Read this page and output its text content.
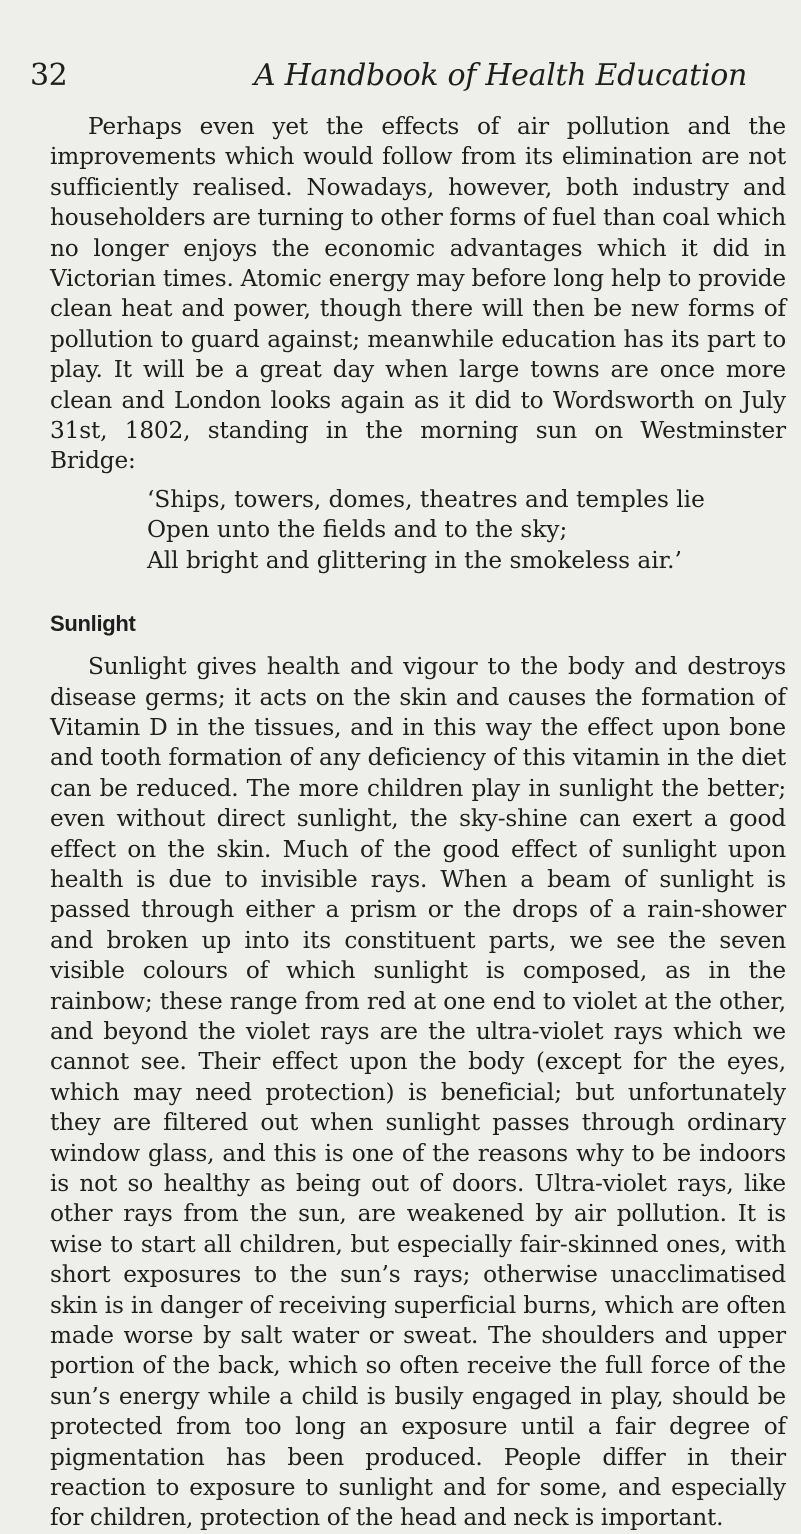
32	A Handbook of Health Education

Perhaps even yet the effects of air pollution and the improvements which would follow from its elimination are not sufficiently realised. Nowadays, however, both industry and householders are turning to other forms of fuel than coal which no longer enjoys the economic advantages which it did in Victorian times. Atomic energy may before long help to provide clean heat and power, though there will then be new forms of pollution to guard against; meanwhile education has its part to play. It will be a great day when large towns are once more clean and London looks again as it did to Wordsworth on July 31st, 1802, standing in the morning sun on Westminster Bridge:

‘Ships, towers, domes, theatres and temples lie
Open unto the fields and to the sky;
All bright and glittering in the smokeless air.’
Sunlight

Sunlight gives health and vigour to the body and destroys disease germs; it acts on the skin and causes the formation of Vitamin D in the tissues, and in this way the effect upon bone and tooth formation of any deficiency of this vitamin in the diet can be reduced. The more children play in sunlight the better; even without direct sunlight, the sky-shine can exert a good effect on the skin. Much of the good effect of sunlight upon health is due to invisible rays. When a beam of sunlight is passed through either a prism or the drops of a rain-shower and broken up into its constituent parts, we see the seven visible colours of which sunlight is composed, as in the rainbow; these range from red at one end to violet at the other, and beyond the violet rays are the ultra-violet rays which we cannot see. Their effect upon the body (except for the eyes, which may need protection) is beneficial; but unfortunately they are filtered out when sunlight passes through ordinary window glass, and this is one of the reasons why to be indoors is not so healthy as being out of doors. Ultra-violet rays, like other rays from the sun, are weakened by air pollution. It is wise to start all children, but especially fair-skinned ones, with short exposures to the sun’s rays; otherwise unacclimatised skin is in danger of receiving superficial burns, which are often made worse by salt water or sweat. The shoulders and upper portion of the back, which so often receive the full force of the sun’s energy while a child is busily engaged in play, should be protected from too long an exposure until a fair degree of pigmentation has been produced. People differ in their reaction to exposure to sunlight and for some, and especially for children, protection of the head and neck is important.
